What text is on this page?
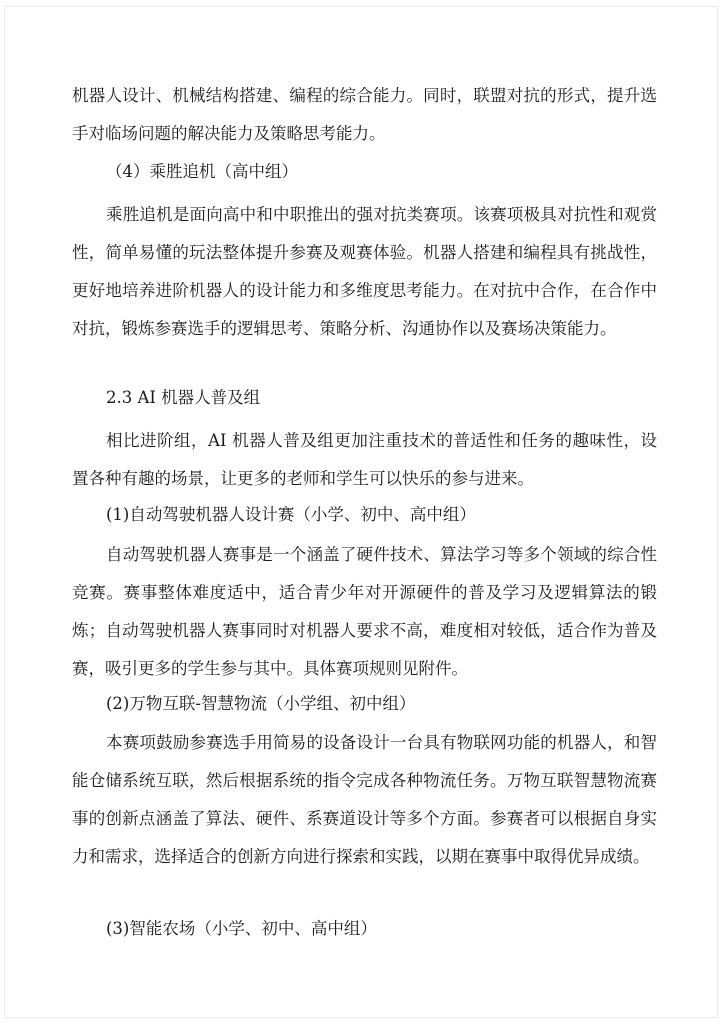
机器人设计、机械结构搭建、编程的综合能力。同时，联盟对抗的形式，提升选手对临场问题的解决能力及策略思考能力。

（4）乘胜追机（高中组）

乘胜追机是面向高中和中职推出的强对抗类赛项。该赛项极具对抗性和观赏性，简单易懂的玩法整体提升参赛及观赛体验。机器人搭建和编程具有挑战性，更好地培养进阶机器人的设计能力和多维度思考能力。在对抗中合作，在合作中对抗，锻炼参赛选手的逻辑思考、策略分析、沟通协作以及赛场决策能力。

2.3 AI 机器人普及组

相比进阶组，AI 机器人普及组更加注重技术的普适性和任务的趣味性，设置各种有趣的场景，让更多的老师和学生可以快乐的参与进来。

(1)自动驾驶机器人设计赛（小学、初中、高中组）

自动驾驶机器人赛事是一个涵盖了硬件技术、算法学习等多个领域的综合性竞赛。赛事整体难度适中，适合青少年对开源硬件的普及学习及逻辑算法的锻炼；自动驾驶机器人赛事同时对机器人要求不高，难度相对较低，适合作为普及赛，吸引更多的学生参与其中。具体赛项规则见附件。

(2)万物互联-智慧物流（小学组、初中组）

本赛项鼓励参赛选手用简易的设备设计一台具有物联网功能的机器人，和智能仓储系统互联，然后根据系统的指令完成各种物流任务。万物互联智慧物流赛事的创新点涵盖了算法、硬件、系赛道设计等多个方面。参赛者可以根据自身实力和需求，选择适合的创新方向进行探索和实践，以期在赛事中取得优异成绩。

(3)智能农场（小学、初中、高中组）
